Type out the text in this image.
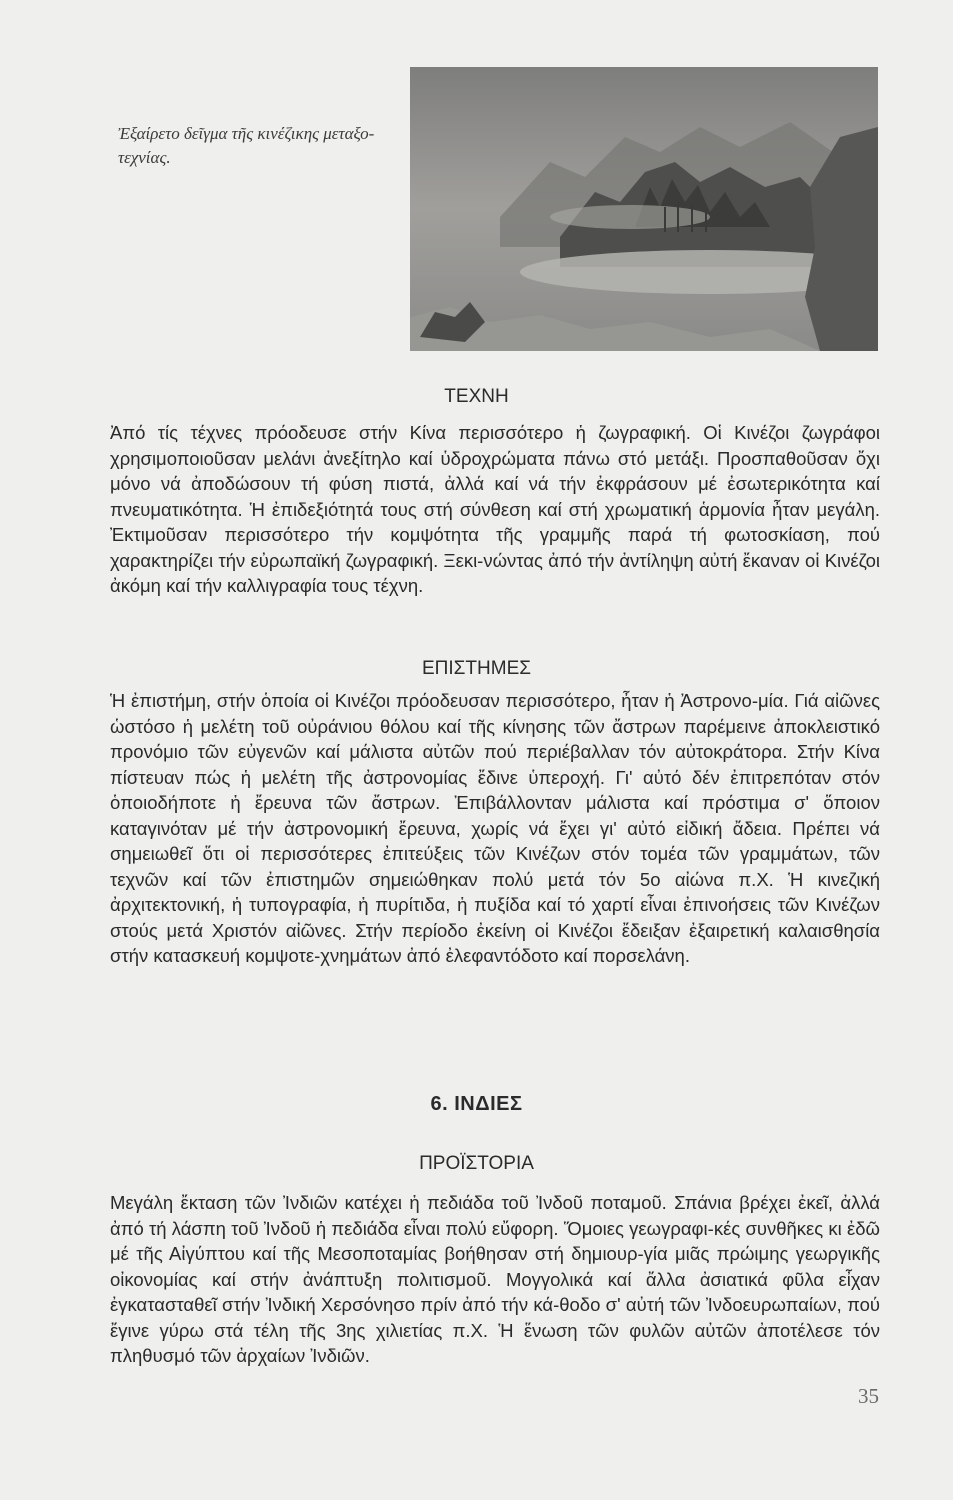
Ἐξαίρετο δεῖγμα τῆς κινέζικης μεταξο-τεχνίας.
ΤΕΧΝΗ
Ἀπό τίς τέχνες πρόοδευσε στήν Κίνα περισσότερο ἡ ζωγραφική. Οἱ Κινέζοι ζωγράφοι χρησιμοποιοῦσαν μελάνι ἀνεξίτηλο καί ὑδροχρώματα πάνω στό μετάξι. Προσπαθοῦσαν ὄχι μόνο νά ἀποδώσουν τή φύση πιστά, ἀλλά καί νά τήν ἐκφράσουν μέ ἐσωτερικότητα καί πνευματικότητα. Ἡ ἐπιδεξιότητά τους στή σύνθεση καί στή χρωματική ἁρμονία ἦταν μεγάλη. Ἐκτιμοῦσαν περισσότερο τήν κομψότητα τῆς γραμμῆς παρά τή φωτοσκίαση, πού χαρακτηρίζει τήν εὐρωπαϊκή ζωγραφική. Ξεκι-νώντας ἀπό τήν ἀντίληψη αὐτή ἔκαναν οἱ Κινέζοι ἀκόμη καί τήν καλλιγραφία τους τέχνη.
ΕΠΙΣΤΗΜΕΣ
Ἡ ἐπιστήμη, στήν ὁποία οἱ Κινέζοι πρόοδευσαν περισσότερο, ἦταν ἡ Ἀστρονο-μία. Γιά αἰῶνες ὡστόσο ἡ μελέτη τοῦ οὐράνιου θόλου καί τῆς κίνησης τῶν ἄστρων παρέμεινε ἀποκλειστικό προνόμιο τῶν εὐγενῶν καί μάλιστα αὐτῶν πού περιέβαλλαν τόν αὐτοκράτορα. Στήν Κίνα πίστευαν πώς ἡ μελέτη τῆς ἀστρονομίας ἔδινε ὑπεροχή. Γι' αὐτό δέν ἐπιτρεπόταν στόν ὁποιοδήποτε ἡ ἔρευνα τῶν ἄστρων. Ἐπιβάλλονταν μάλιστα καί πρόστιμα σ' ὅποιον καταγινόταν μέ τήν ἀστρονομική ἔρευνα, χωρίς νά ἔχει γι' αὐτό εἰδική ἄδεια. Πρέπει νά σημειωθεῖ ὅτι οἱ περισσότερες ἐπιτεύξεις τῶν Κινέζων στόν τομέα τῶν γραμμάτων, τῶν τεχνῶν καί τῶν ἐπιστημῶν σημειώθηκαν πολύ μετά τόν 5ο αἰώνα π.Χ. Ἡ κινεζική ἀρχιτεκτονική, ἡ τυπογραφία, ἡ πυρίτιδα, ἡ πυξίδα καί τό χαρτί εἶναι ἐπινοήσεις τῶν Κινέζων στούς μετά Χριστόν αἰῶνες. Στήν περίοδο ἐκείνη οἱ Κινέζοι ἔδειξαν ἐξαιρετική καλαισθησία στήν κατασκευή κομψοτε-χνημάτων ἀπό ἐλεφαντόδοτο καί πορσελάνη.
6. ΙΝΔΙΕΣ
ΠΡΟΪΣΤΟΡΙΑ
Μεγάλη ἔκταση τῶν Ἰνδιῶν κατέχει ἡ πεδιάδα τοῦ Ἰνδοῦ ποταμοῦ. Σπάνια βρέχει ἐκεῖ, ἀλλά ἀπό τή λάσπη τοῦ Ἰνδοῦ ἡ πεδιάδα εἶναι πολύ εὔφορη. Ὅμοιες γεωγραφι-κές συνθῆκες κι ἐδῶ μέ τῆς Αἰγύπτου καί τῆς Μεσοποταμίας βοήθησαν στή δημιουρ-γία μιᾶς πρώιμης γεωργικῆς οἰκονομίας καί στήν ἀνάπτυξη πολιτισμοῦ. Μογγολικά καί ἄλλα ἀσιατικά φῦλα εἶχαν ἐγκατασταθεῖ στήν Ἰνδική Χερσόνησο πρίν ἀπό τήν κά-θοδο σ' αὐτή τῶν Ἰνδοευρωπαίων, πού ἔγινε γύρω στά τέλη τῆς 3ης χιλιετίας π.Χ. Ἡ ἕνωση τῶν φυλῶν αὐτῶν ἀποτέλεσε τόν πληθυσμό τῶν ἀρχαίων Ἰνδιῶν.
35
